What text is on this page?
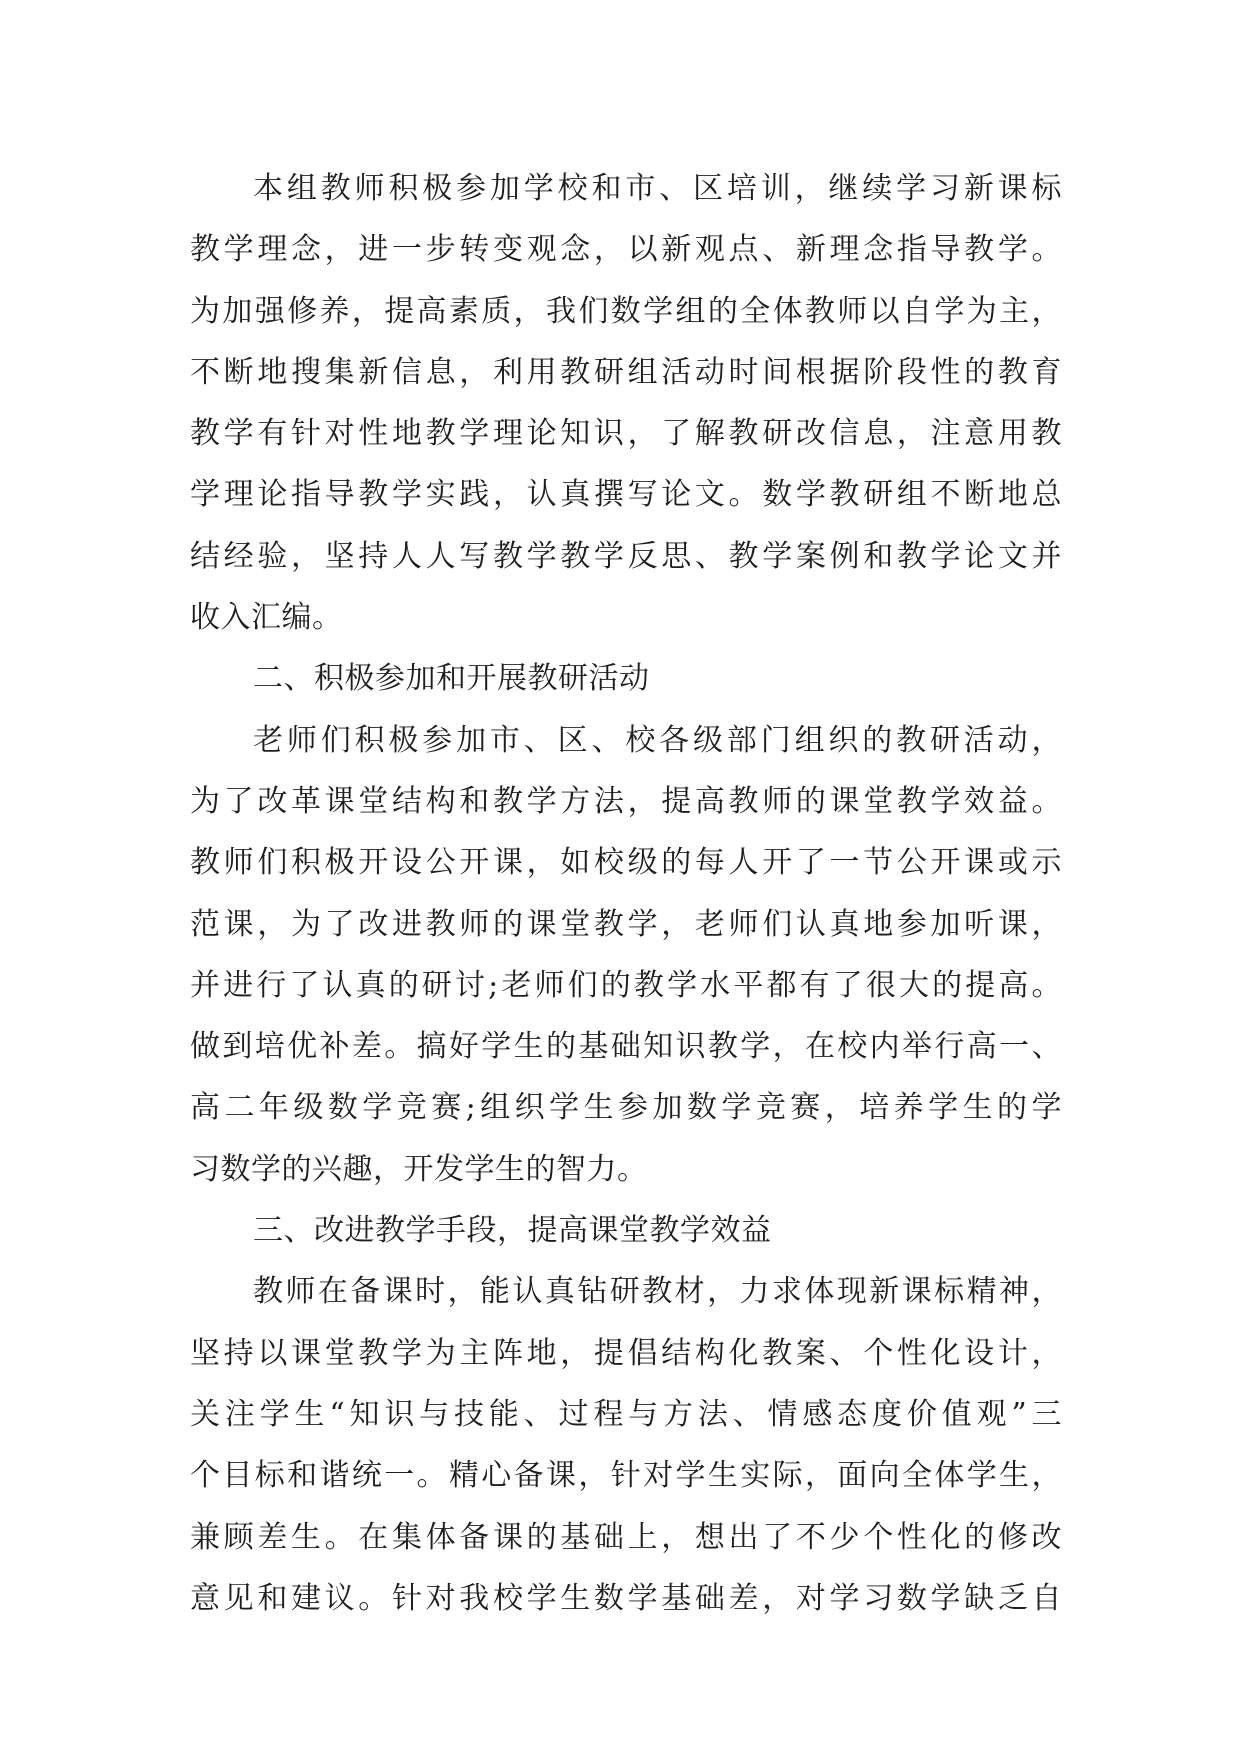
本组教师积极参加学校和市、区培训，继续学习新课标
教学理念，进一步转变观念，以新观点、新理念指导教学。
为加强修养，提高素质，我们数学组的全体教师以自学为主，
不断地搜集新信息，利用教研组活动时间根据阶段性的教育
教学有针对性地教学理论知识，了解教研改信息，注意用教
学理论指导教学实践，认真撰写论文。数学教研组不断地总
结经验，坚持人人写教学教学反思、教学案例和教学论文并
收入汇编。
二、积极参加和开展教研活动
老师们积极参加市、区、校各级部门组织的教研活动，
为了改革课堂结构和教学方法，提高教师的课堂教学效益。
教师们积极开设公开课，如校级的每人开了一节公开课或示
范课，为了改进教师的课堂教学，老师们认真地参加听课，
并进行了认真的研讨;老师们的教学水平都有了很大的提高。
做到培优补差。搞好学生的基础知识教学，在校内举行高一、
高二年级数学竞赛;组织学生参加数学竞赛，培养学生的学
习数学的兴趣，开发学生的智力。
三、改进教学手段，提高课堂教学效益
教师在备课时，能认真钻研教材，力求体现新课标精神，
坚持以课堂教学为主阵地，提倡结构化教案、个性化设计，
关注学生“知识与技能、过程与方法、情感态度价值观”三
个目标和谐统一。精心备课，针对学生实际，面向全体学生，
兼顾差生。在集体备课的基础上，想出了不少个性化的修改
意见和建议。针对我校学生数学基础差，对学习数学缺乏自
